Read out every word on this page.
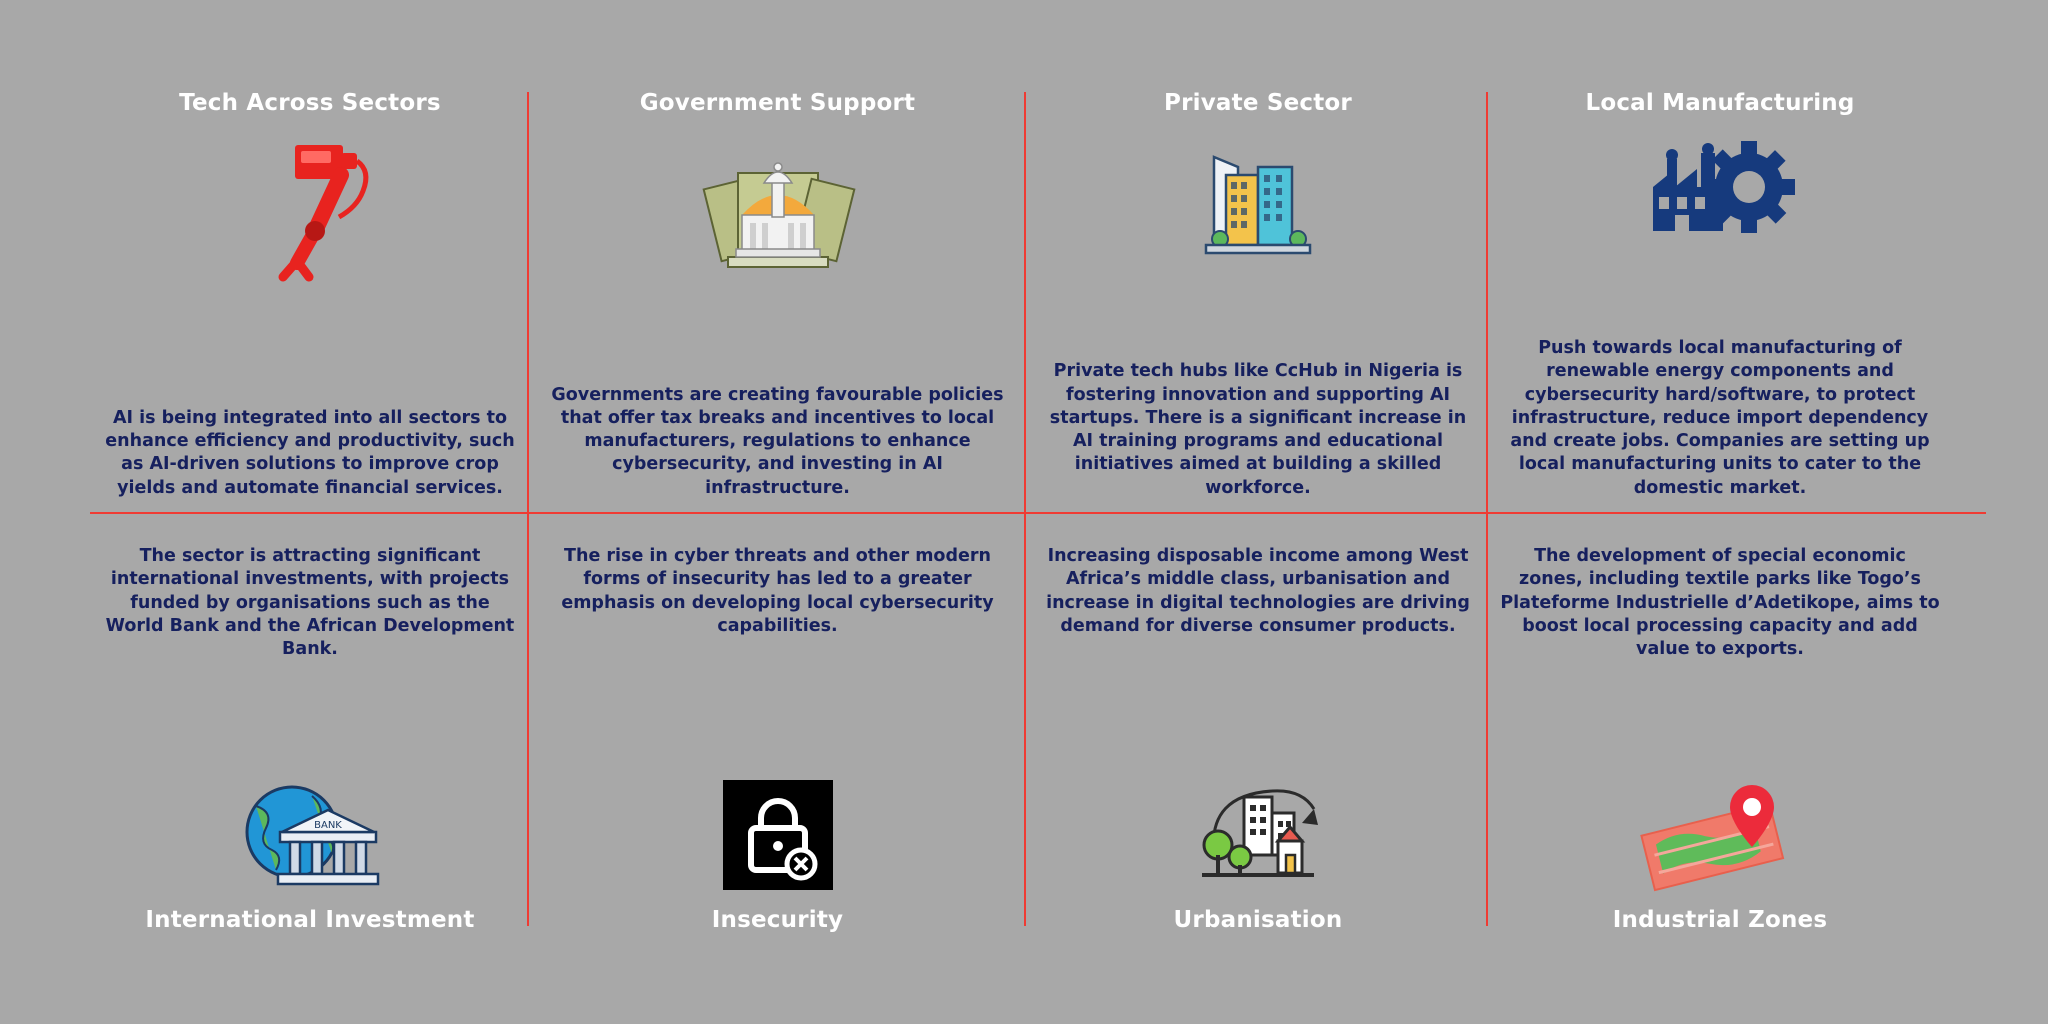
Tech Across Sectors
AI is being integrated into all sectors to enhance efficiency and productivity, such as AI-driven solutions to improve crop yields and automate financial services.
The sector is attracting significant international investments, with projects funded by organisations such as the World Bank and the African Development Bank.
BANK
International Investment
Government Support
Governments are creating favourable policies that offer tax breaks and incentives to local manufacturers, regulations to enhance cybersecurity, and investing in AI infrastructure.
The rise in cyber threats and other modern forms of insecurity has led to a greater emphasis on developing local cybersecurity capabilities.
Insecurity
Private Sector
Private tech hubs like CcHub in Nigeria is fostering innovation and supporting AI startups. There is a significant increase in AI training programs and educational initiatives aimed at building a skilled workforce.
Increasing disposable income among West Africa’s middle class, urbanisation and increase in digital technologies are driving demand for diverse consumer products.
Urbanisation
Local Manufacturing
Push towards local manufacturing of renewable energy components and cybersecurity hard/software, to protect infrastructure, reduce import dependency and create jobs. Companies are setting up local manufacturing units to cater to the domestic market.
The development of special economic zones, including textile parks like Togo’s Plateforme Industrielle d’Adetikope, aims to boost local processing capacity and add value to exports.
Industrial Zones
